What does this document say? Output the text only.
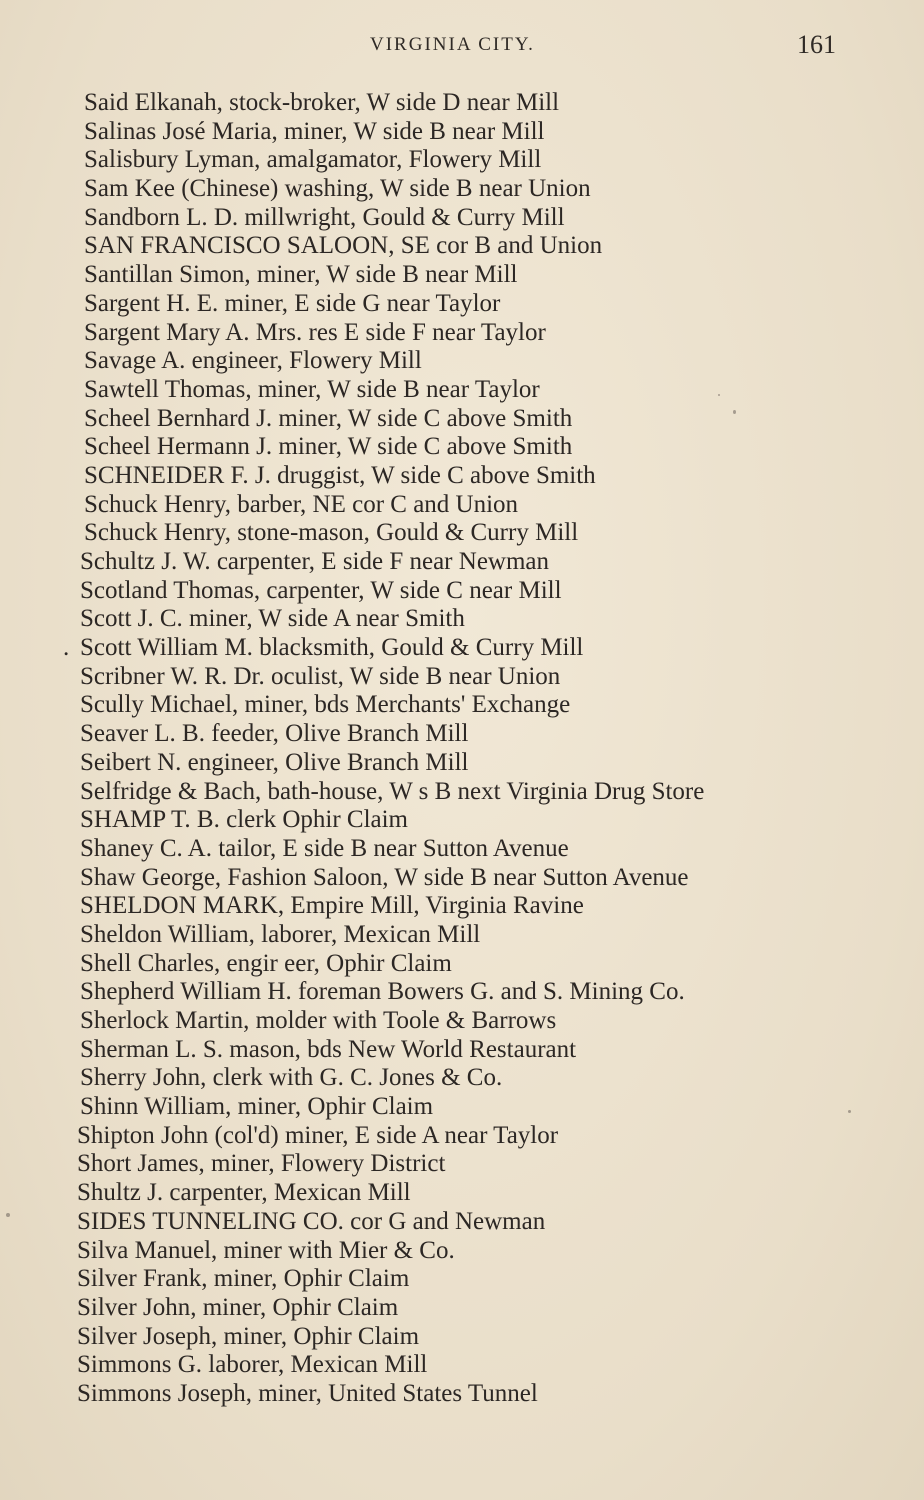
VIRGINIA CITY.	161
Said Elkanah, stock-broker, W side D near Mill
Salinas José Maria, miner, W side B near Mill
Salisbury Lyman, amalgamator, Flowery Mill
Sam Kee (Chinese) washing, W side B near Union
Sandborn L. D. millwright, Gould & Curry Mill
SAN FRANCISCO SALOON, SE cor B and Union
Santillan Simon, miner, W side B near Mill
Sargent H. E. miner, E side G near Taylor
Sargent Mary A. Mrs. res E side F near Taylor
Savage A. engineer, Flowery Mill
Sawtell Thomas, miner, W side B near Taylor
Scheel Bernhard J. miner, W side C above Smith
Scheel Hermann J. miner, W side C above Smith
SCHNEIDER F. J. druggist, W side C above Smith
Schuck Henry, barber, NE cor C and Union
Schuck Henry, stone-mason, Gould & Curry Mill
Schultz J. W. carpenter, E side F near Newman
Scotland Thomas, carpenter, W side C near Mill
Scott J. C. miner, W side A near Smith
. Scott William M. blacksmith, Gould & Curry Mill
Scribner W. R. Dr. oculist, W side B near Union
Scully Michael, miner, bds Merchants' Exchange
Seaver L. B. feeder, Olive Branch Mill
Seibert N. engineer, Olive Branch Mill
Selfridge & Bach, bath-house, W s B next Virginia Drug Store
SHAMP T. B. clerk Ophir Claim
Shaney C. A. tailor, E side B near Sutton Avenue
Shaw George, Fashion Saloon, W side B near Sutton Avenue
SHELDON MARK, Empire Mill, Virginia Ravine
Sheldon William, laborer, Mexican Mill
Shell Charles, engir eer, Ophir Claim
Shepherd William H. foreman Bowers G. and S. Mining Co.
Sherlock Martin, molder with Toole & Barrows
Sherman L. S. mason, bds New World Restaurant
Sherry John, clerk with G. C. Jones & Co.
Shinn William, miner, Ophir Claim
Shipton John (col'd) miner, E side A near Taylor
Short James, miner, Flowery District
Shultz J. carpenter, Mexican Mill
SIDES TUNNELING CO. cor G and Newman
Silva Manuel, miner with Mier & Co.
Silver Frank, miner, Ophir Claim
Silver John, miner, Ophir Claim
Silver Joseph, miner, Ophir Claim
Simmons G. laborer, Mexican Mill
Simmons Joseph, miner, United States Tunnel
